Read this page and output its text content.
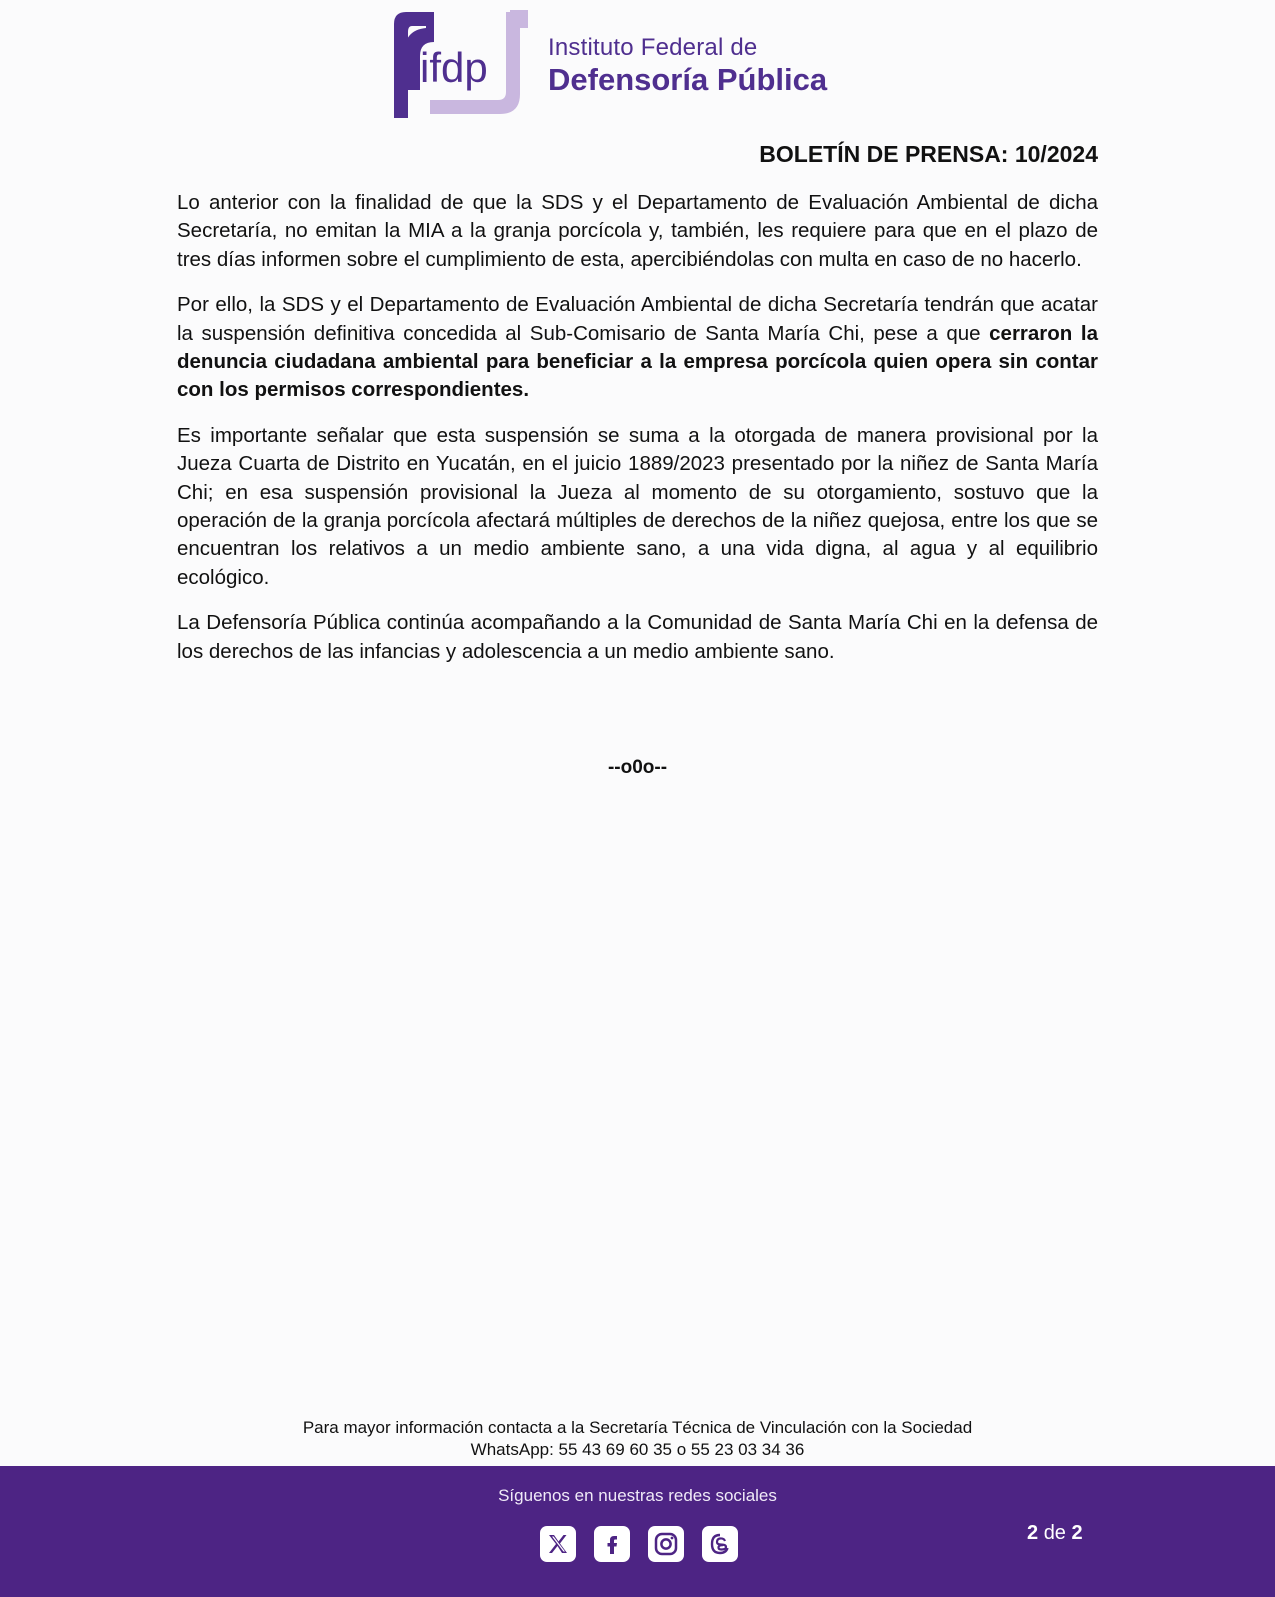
ifdp	Instituto Federal de
Defensoría Pública
BOLETÍN DE PRENSA: 10/2024

Lo anterior con la finalidad de que la SDS y el Departamento de Evaluación Ambiental de dicha Secretaría, no emitan la MIA a la granja porcícola y, también, les requiere para que en el plazo de tres días informen sobre el cumplimiento de esta, apercibiéndolas con multa en caso de no hacerlo.

Por ello, la SDS y el Departamento de Evaluación Ambiental de dicha Secretaría tendrán que acatar la suspensión definitiva concedida al Sub-Comisario de Santa María Chi, pese a que cerraron la denuncia ciudadana ambiental para beneficiar a la empresa porcícola quien opera sin contar con los permisos correspondientes.

Es importante señalar que esta suspensión se suma a la otorgada de manera provisional por la Jueza Cuarta de Distrito en Yucatán, en el juicio 1889/2023 presentado por la niñez de Santa María Chi; en esa suspensión provisional la Jueza al momento de su otorgamiento, sostuvo que la operación de la granja porcícola afectará múltiples de derechos de la niñez quejosa, entre los que se encuentran los relativos a un medio ambiente sano, a una vida digna, al agua y al equilibrio ecológico.

La Defensoría Pública continúa acompañando a la Comunidad de Santa María Chi en la defensa de los derechos de las infancias y adolescencia a un medio ambiente sano.

--o0o--
Para mayor información contacta a la Secretaría Técnica de Vinculación con la Sociedad
WhatsApp: 55 43 69 60 35 o 55 23 03 34 36
Síguenos en nuestras redes sociales
2 de 2
